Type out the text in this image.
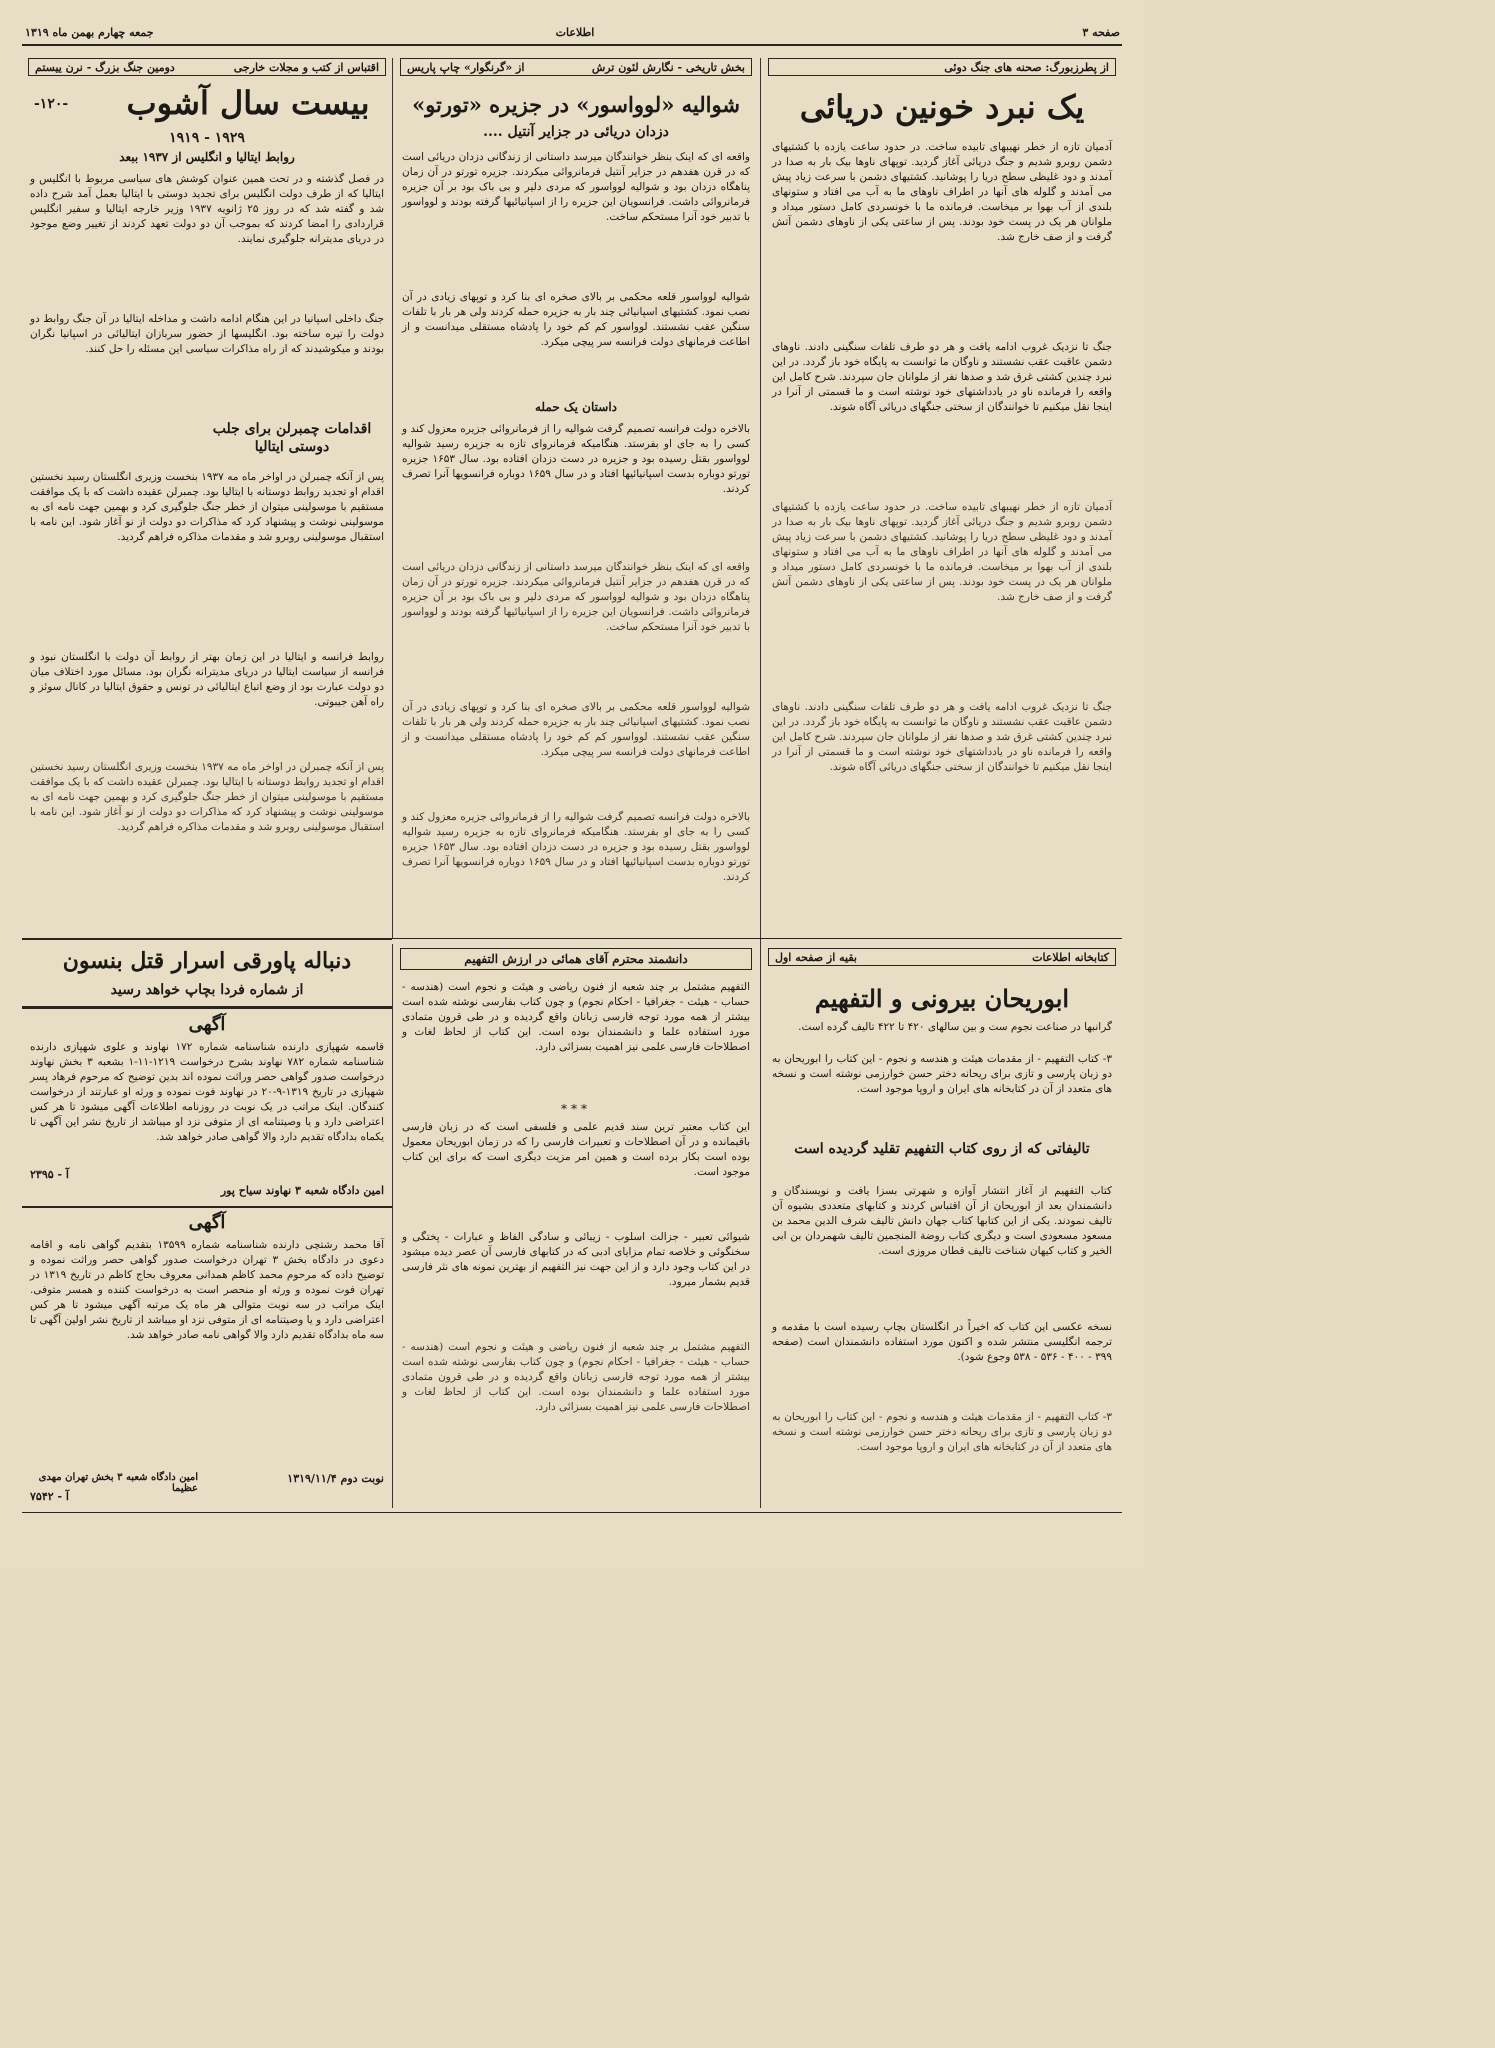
صفحه ۳
اطلاعات
جمعه چهارم بهمن ماه ۱۳۱۹
از پطرزبورگ: صحنه های جنگ دوئی
یک نبرد خونین دریائی
آدمیان تازه از خطر نهیبهای تابیده ساخت. در حدود ساعت یازده با کشتیهای دشمن روبرو شدیم و جنگ دریائی آغاز گردید. توپهای ناوها بیک بار به صدا در آمدند و دود غلیظی سطح دریا را پوشانید. کشتیهای دشمن با سرعت زیاد پیش می آمدند و گلوله های آنها در اطراف ناوهای ما به آب می افتاد و ستونهای بلندی از آب بهوا بر میخاست. فرمانده ما با خونسردی کامل دستور میداد و ملوانان هر یک در پست خود بودند. پس از ساعتی یکی از ناوهای دشمن آتش گرفت و از صف خارج شد.
جنگ تا نزدیک غروب ادامه یافت و هر دو طرف تلفات سنگینی دادند. ناوهای دشمن عاقبت عقب نشستند و ناوگان ما توانست به پایگاه خود باز گردد. در این نبرد چندین کشتی غرق شد و صدها نفر از ملوانان جان سپردند. شرح کامل این واقعه را فرمانده ناو در یادداشتهای خود نوشته است و ما قسمتی از آنرا در اینجا نقل میکنیم تا خوانندگان از سختی جنگهای دریائی آگاه شوند.
آدمیان تازه از خطر نهیبهای تابیده ساخت. در حدود ساعت یازده با کشتیهای دشمن روبرو شدیم و جنگ دریائی آغاز گردید. توپهای ناوها بیک بار به صدا در آمدند و دود غلیظی سطح دریا را پوشانید. کشتیهای دشمن با سرعت زیاد پیش می آمدند و گلوله های آنها در اطراف ناوهای ما به آب می افتاد و ستونهای بلندی از آب بهوا بر میخاست. فرمانده ما با خونسردی کامل دستور میداد و ملوانان هر یک در پست خود بودند. پس از ساعتی یکی از ناوهای دشمن آتش گرفت و از صف خارج شد.
جنگ تا نزدیک غروب ادامه یافت و هر دو طرف تلفات سنگینی دادند. ناوهای دشمن عاقبت عقب نشستند و ناوگان ما توانست به پایگاه خود باز گردد. در این نبرد چندین کشتی غرق شد و صدها نفر از ملوانان جان سپردند. شرح کامل این واقعه را فرمانده ناو در یادداشتهای خود نوشته است و ما قسمتی از آنرا در اینجا نقل میکنیم تا خوانندگان از سختی جنگهای دریائی آگاه شوند.
بخش تاریخی - نگارش لئون ترش
از «گرنگوار» چاپ پاریس
شوالیه «لوواسور» در جزیره «تورتو»
دزدان دریائی در جزایر آنتیل ....
واقعه ای که اینک بنظر خوانندگان میرسد داستانی از زندگانی دزدان دریائی است که در قرن هفدهم در جزایر آنتیل فرمانروائی میکردند. جزیره تورتو در آن زمان پناهگاه دزدان بود و شوالیه لوواسور که مردی دلیر و بی باک بود بر آن جزیره فرمانروائی داشت. فرانسویان این جزیره را از اسپانیائیها گرفته بودند و لوواسور با تدبیر خود آنرا مستحکم ساخت.
شوالیه لوواسور قلعه محکمی بر بالای صخره ای بنا کرد و توپهای زیادی در آن نصب نمود. کشتیهای اسپانیائی چند بار به جزیره حمله کردند ولی هر بار با تلفات سنگین عقب نشستند. لوواسور کم کم خود را پادشاه مستقلی میدانست و از اطاعت فرمانهای دولت فرانسه سر پیچی میکرد.
داستان یک حمله
بالاخره دولت فرانسه تصمیم گرفت شوالیه را از فرمانروائی جزیره معزول کند و کسی را به جای او بفرستد. هنگامیکه فرمانروای تازه به جزیره رسید شوالیه لوواسور بقتل رسیده بود و جزیره در دست دزدان افتاده بود. سال ۱۶۵۳ جزیره تورتو دوباره بدست اسپانیائیها افتاد و در سال ۱۶۵۹ دوباره فرانسویها آنرا تصرف کردند.
واقعه ای که اینک بنظر خوانندگان میرسد داستانی از زندگانی دزدان دریائی است که در قرن هفدهم در جزایر آنتیل فرمانروائی میکردند. جزیره تورتو در آن زمان پناهگاه دزدان بود و شوالیه لوواسور که مردی دلیر و بی باک بود بر آن جزیره فرمانروائی داشت. فرانسویان این جزیره را از اسپانیائیها گرفته بودند و لوواسور با تدبیر خود آنرا مستحکم ساخت.
شوالیه لوواسور قلعه محکمی بر بالای صخره ای بنا کرد و توپهای زیادی در آن نصب نمود. کشتیهای اسپانیائی چند بار به جزیره حمله کردند ولی هر بار با تلفات سنگین عقب نشستند. لوواسور کم کم خود را پادشاه مستقلی میدانست و از اطاعت فرمانهای دولت فرانسه سر پیچی میکرد.
بالاخره دولت فرانسه تصمیم گرفت شوالیه را از فرمانروائی جزیره معزول کند و کسی را به جای او بفرستد. هنگامیکه فرمانروای تازه به جزیره رسید شوالیه لوواسور بقتل رسیده بود و جزیره در دست دزدان افتاده بود. سال ۱۶۵۳ جزیره تورتو دوباره بدست اسپانیائیها افتاد و در سال ۱۶۵۹ دوباره فرانسویها آنرا تصرف کردند.
اقتباس از کتب و مجلات خارجی
دومین جنگ بزرگ - نرن ییستم
بیست سال آشوب
-۱۲۰-
۱۹۲۹ - ۱۹۱۹
روابط ایتالیا و انگلیس از ۱۹۳۷ ببعد
در فصل گذشته و در تحت همین عنوان کوشش های سیاسی مربوط با انگلیس و ایتالیا که از طرف دولت انگلیس برای تجدید دوستی با ایتالیا بعمل آمد شرح داده شد و گفته شد که در روز ۲۵ ژانویه ۱۹۳۷ وزیر خارجه ایتالیا و سفیر انگلیس قراردادی را امضا کردند که بموجب آن دو دولت تعهد کردند از تغییر وضع موجود در دریای مدیترانه جلوگیری نمایند.
جنگ داخلی اسپانیا در این هنگام ادامه داشت و مداخله ایتالیا در آن جنگ روابط دو دولت را تیره ساخته بود. انگلیسها از حضور سربازان ایتالیائی در اسپانیا نگران بودند و میکوشیدند که از راه مذاکرات سیاسی این مسئله را حل کنند.
اقدامات چمبرلن برای جلب دوستی ایتالیا
پس از آنکه چمبرلن در اواخر ماه مه ۱۹۳۷ بنخست وزیری انگلستان رسید نخستین اقدام او تجدید روابط دوستانه با ایتالیا بود. چمبرلن عقیده داشت که با یک موافقت مستقیم با موسولینی میتوان از خطر جنگ جلوگیری کرد و بهمین جهت نامه ای به موسولینی نوشت و پیشنهاد کرد که مذاکرات دو دولت از نو آغاز شود. این نامه با استقبال موسولینی روبرو شد و مقدمات مذاکره فراهم گردید.
روابط فرانسه و ایتالیا در این زمان بهتر از روابط آن دولت با انگلستان نبود و فرانسه از سیاست ایتالیا در دریای مدیترانه نگران بود. مسائل مورد اختلاف میان دو دولت عبارت بود از وضع اتباع ایتالیائی در تونس و حقوق ایتالیا در کانال سوئز و راه آهن جیبوتی.
پس از آنکه چمبرلن در اواخر ماه مه ۱۹۳۷ بنخست وزیری انگلستان رسید نخستین اقدام او تجدید روابط دوستانه با ایتالیا بود. چمبرلن عقیده داشت که با یک موافقت مستقیم با موسولینی میتوان از خطر جنگ جلوگیری کرد و بهمین جهت نامه ای به موسولینی نوشت و پیشنهاد کرد که مذاکرات دو دولت از نو آغاز شود. این نامه با استقبال موسولینی روبرو شد و مقدمات مذاکره فراهم گردید.
دنباله پاورقی اسرار قتل بنسون
از شماره فردا بچاپ خواهد رسید
آگهی
قاسمه شهپازی دارنده شناسنامه شماره ۱۷۲ نهاوند و علوی شهپازی دارنده شناسنامه شماره ۷۸۲ نهاوند بشرح درخواست ۱۲۱۹-۱۱-۱ بشعبه ۳ بخش نهاوند درخواست صدور گواهی حصر وراثت نموده اند بدین توضیح که مرحوم فرهاد پسر شهپازی در تاریخ ۱۳۱۹-۹-۲۰ در نهاوند فوت نموده و ورثه او عبارتند از درخواست کنندگان. اینک مراتب در یک نوبت در روزنامه اطلاعات آگهی میشود تا هر کس اعتراضی دارد و یا وصیتنامه ای از متوفی نزد او میباشد از تاریخ نشر این آگهی تا یکماه بدادگاه تقدیم دارد والا گواهی صادر خواهد شد.
۲۳۹۵ - آ
امین دادگاه شعبه ۳ نهاوند سیاح پور
آگهی
آقا محمد رشتچی دارنده شناسنامه شماره ۱۳۵۹۹ بتقدیم گواهی نامه و اقامه دعوی در دادگاه بخش ۳ تهران درخواست صدور گواهی حصر وراثت نموده و توضیح داده که مرحوم محمد کاظم همدانی معروف بحاج کاظم در تاریخ ۱۳۱۹ در تهران فوت نموده و ورثه او منحصر است به درخواست کننده و همسر متوفی. اینک مراتب در سه نوبت متوالی هر ماه یک مرتبه آگهی میشود تا هر کس اعتراضی دارد و یا وصیتنامه ای از متوفی نزد او میباشد از تاریخ نشر اولین آگهی تا سه ماه بدادگاه تقدیم دارد والا گواهی نامه صادر خواهد شد.
نوبت دوم ۱۳۱۹/۱۱/۴
امین دادگاه شعبه ۳ بخش تهران مهدی عظیما
۷۵۴۲ - آ
دانشمند محترم آقای همائی در ارزش التفهیم
التفهیم مشتمل بر چند شعبه از فنون ریاضی و هیئت و نجوم است (هندسه - حساب - هیئت - جغرافیا - احکام نجوم) و چون کتاب بفارسی نوشته شده است بیشتر از همه مورد توجه فارسی زبانان واقع گردیده و در طی قرون متمادی مورد استفاده علما و دانشمندان بوده است. این کتاب از لحاظ لغات و اصطلاحات فارسی علمی نیز اهمیت بسزائی دارد.
***
این کتاب معتبر ترین سند قدیم علمی و فلسفی است که در زبان فارسی باقیمانده و در آن اصطلاحات و تعبیرات فارسی را که در زمان ابوریحان معمول بوده است بکار برده است و همین امر مزیت دیگری است که برای این کتاب موجود است.
شیوائی تعبیر - جزالت اسلوب - زیبائی و سادگی الفاظ و عبارات - پختگی و سخنگوئی و خلاصه تمام مزایای ادبی که در کتابهای فارسی آن عصر دیده میشود در این کتاب وجود دارد و از این جهت نیز التفهیم از بهترین نمونه های نثر فارسی قدیم بشمار میرود.
التفهیم مشتمل بر چند شعبه از فنون ریاضی و هیئت و نجوم است (هندسه - حساب - هیئت - جغرافیا - احکام نجوم) و چون کتاب بفارسی نوشته شده است بیشتر از همه مورد توجه فارسی زبانان واقع گردیده و در طی قرون متمادی مورد استفاده علما و دانشمندان بوده است. این کتاب از لحاظ لغات و اصطلاحات فارسی علمی نیز اهمیت بسزائی دارد.
کتابخانه اطلاعات
بقیه از صفحه اول
ابوریحان بیرونی و التفهیم
گرانبها در صناعت نجوم ست و بین سالهای ۴۲۰ تا ۴۲۲ تالیف گرده است.
۳- کتاب التفهیم - از مقدمات هیئت و هندسه و نجوم - این کتاب را ابوریحان به دو زبان پارسی و تازی برای ریحانه دختر حسن خوارزمی نوشته است و نسخه های متعدد از آن در کتابخانه های ایران و اروپا موجود است.
تالیفاتی که از روی کتاب التفهیم تقلید گردیده است
کتاب التفهیم از آغاز انتشار آوازه و شهرتی بسزا یافت و نویسندگان و دانشمندان بعد از ابوریحان از آن اقتباس کردند و کتابهای متعددی بشیوه آن تالیف نمودند. یکی از این کتابها کتاب جهان دانش تالیف شرف الدین محمد بن مسعود مسعودی است و دیگری کتاب روضة المنجمین تالیف شهمردان بن ابی الخیر و کتاب کیهان شناخت تالیف قطان مروزی است.
نسخه عکسی این کتاب که اخیراً در انگلستان بچاپ رسیده است با مقدمه و ترجمه انگلیسی منتشر شده و اکنون مورد استفاده دانشمندان است (صفحه ۳۹۹ - ۴۰۰ - ۵۳۶ - ۵۳۸ وجوع شود).
۳- کتاب التفهیم - از مقدمات هیئت و هندسه و نجوم - این کتاب را ابوریحان به دو زبان پارسی و تازی برای ریحانه دختر حسن خوارزمی نوشته است و نسخه های متعدد از آن در کتابخانه های ایران و اروپا موجود است.
